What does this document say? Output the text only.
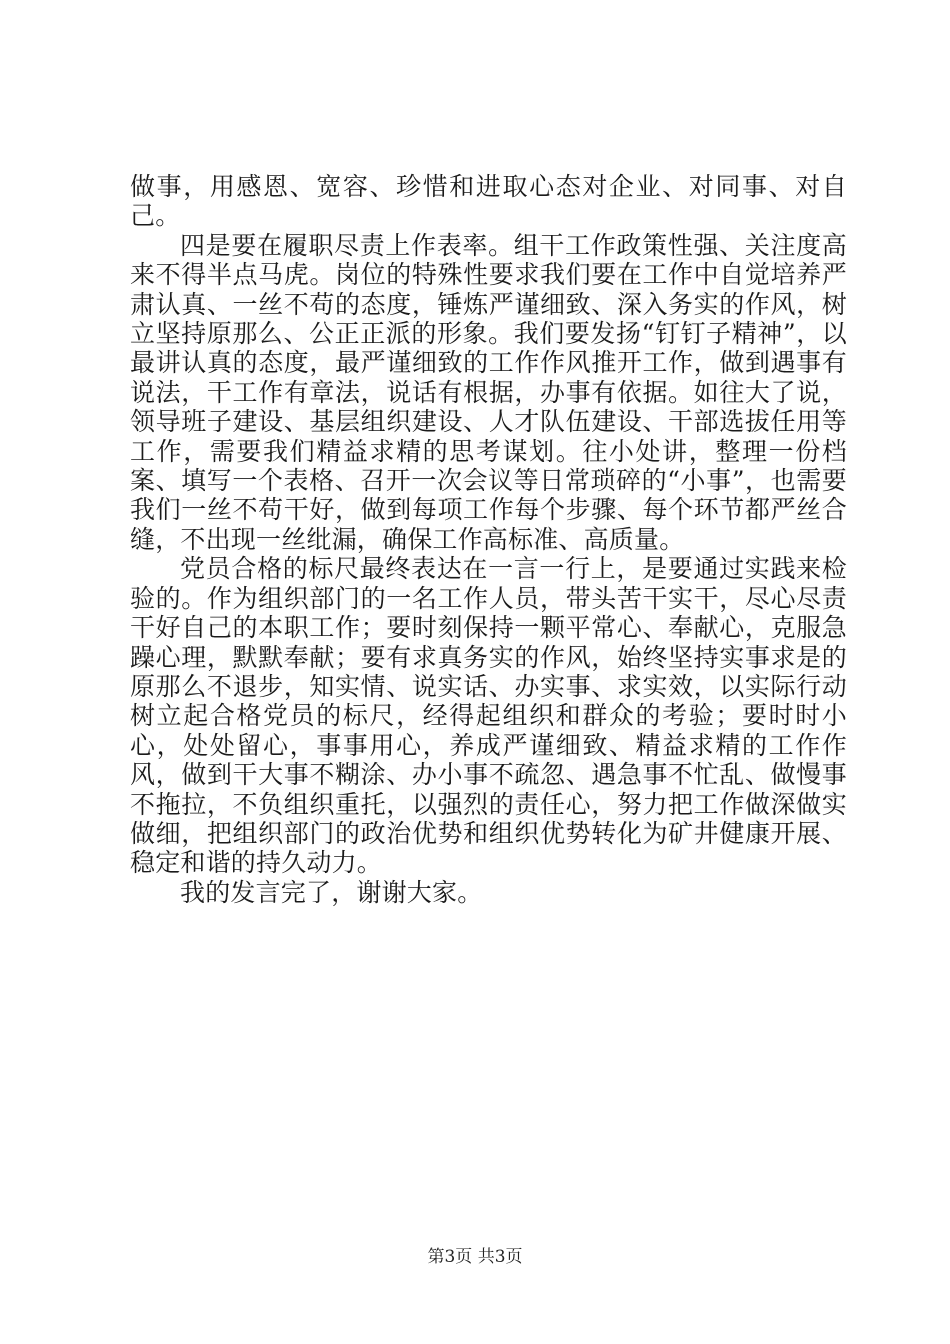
做事，用感恩、宽容、珍惜和进取心态对企业、对同事、对自己。

四是要在履职尽责上作表率。组干工作政策性强、关注度高来不得半点马虎。岗位的特殊性要求我们要在工作中自觉培养严肃认真、一丝不苟的态度，锤炼严谨细致、深入务实的作风，树立坚持原那么、公正正派的形象。我们要发扬“钉钉子精神”，以最讲认真的态度，最严谨细致的工作作风推开工作，做到遇事有说法，干工作有章法，说话有根据，办事有依据。如往大了说，领导班子建设、基层组织建设、人才队伍建设、干部选拔任用等工作，需要我们精益求精的思考谋划。往小处讲，整理一份档案、填写一个表格、召开一次会议等日常琐碎的“小事”，也需要我们一丝不苟干好，做到每项工作每个步骤、每个环节都严丝合缝，不出现一丝纰漏，确保工作高标准、高质量。

党员合格的标尺最终表达在一言一行上，是要通过实践来检验的。作为组织部门的一名工作人员，带头苦干实干，尽心尽责干好自己的本职工作；要时刻保持一颗平常心、奉献心，克服急躁心理，默默奉献；要有求真务实的作风，始终坚持实事求是的原那么不退步，知实情、说实话、办实事、求实效，以实际行动树立起合格党员的标尺，经得起组织和群众的考验；要时时小心，处处留心，事事用心，养成严谨细致、精益求精的工作作风，做到干大事不糊涂、办小事不疏忽、遇急事不忙乱、做慢事不拖拉，不负组织重托，以强烈的责任心，努力把工作做深做实做细，把组织部门的政治优势和组织优势转化为矿井健康开展、稳定和谐的持久动力。

我的发言完了，谢谢大家。

第3页 共3页
